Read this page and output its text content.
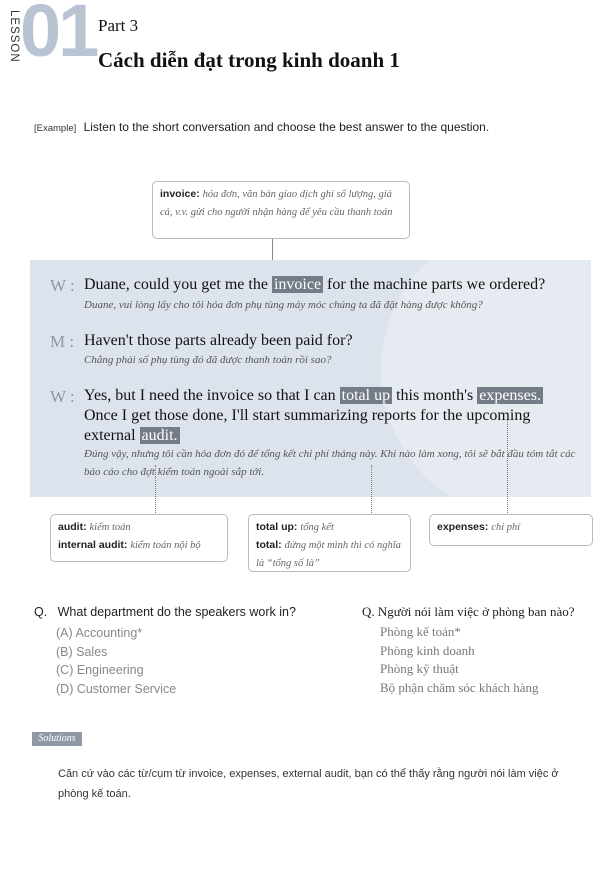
LESSON 01 Part 3
Cách diễn đạt trong kinh doanh 1
[Example] Listen to the short conversation and choose the best answer to the question.
invoice: hóa đơn, văn bản giao dịch ghi số lượng, giá cả, v.v. gửi cho người nhận hàng để yêu cầu thanh toán
W : Duane, could you get me the invoice for the machine parts we ordered?
Duane, vui lòng lấy cho tôi hóa đơn phụ tùng máy móc chúng ta đã đặt hàng được không?
M : Haven't those parts already been paid for?
Chẳng phải số phụ tùng đó đã được thanh toán rồi sao?
W : Yes, but I need the invoice so that I can total up this month's expenses. Once I get those done, I'll start summarizing reports for the upcoming external audit.
Đúng vậy, nhưng tôi cần hóa đơn đó để tổng kết chi phí tháng này. Khi nào làm xong, tôi sẽ bắt đầu tóm tắt các báo cáo cho đợt kiểm toán ngoài sắp tới.
audit: kiểm toán
internal audit: kiểm toán nội bộ
total up: tổng kết
total: đứng một mình thì có nghĩa là “tổng số là”
expenses: chi phí
Q. What department do the speakers work in?
(A) Accounting*
(B) Sales
(C) Engineering
(D) Customer Service
Q. Người nói làm việc ở phòng ban nào?
Phòng kế toán*
Phòng kinh doanh
Phòng kỹ thuật
Bộ phận chăm sóc khách hàng
Solutions
Căn cứ vào các từ/cụm từ invoice, expenses, external audit, bạn có thể thấy rằng người nói làm việc ở phòng kế toán.
